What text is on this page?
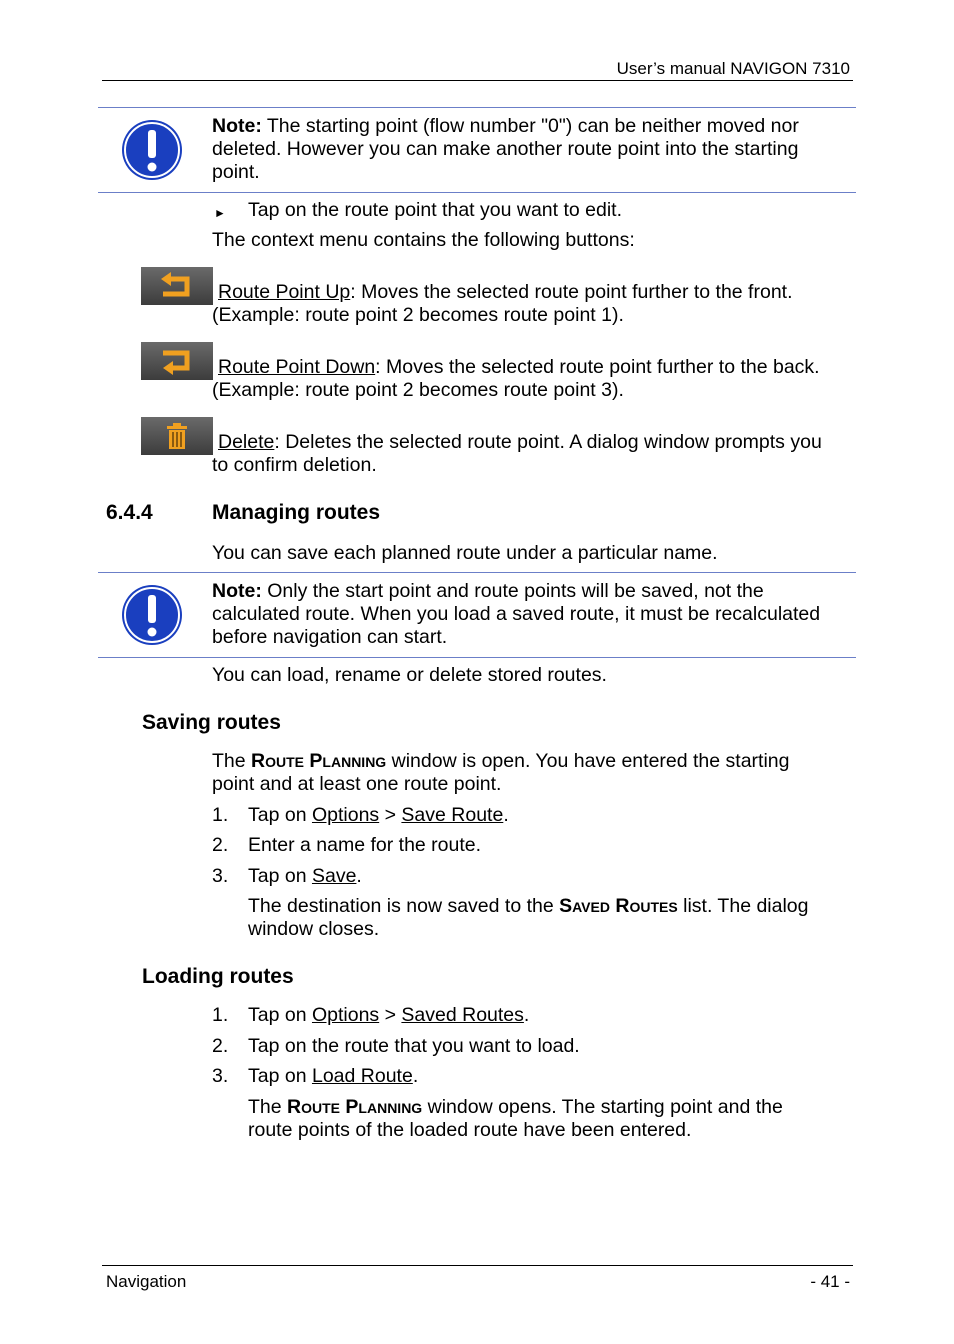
User’s manual NAVIGON 7310
Note: The starting point (flow number "0") can be neither moved nor
deleted. However you can make another route point into the starting
point.
► Tap on the route point that you want to edit.
The context menu contains the following buttons:
Route Point Up: Moves the selected route point further to the front.
(Example: route point 2 becomes route point 1).
Route Point Down: Moves the selected route point further to the back.
(Example: route point 2 becomes route point 3).
Delete: Deletes the selected route point. A dialog window prompts you
to confirm deletion.
6.4.4	Managing routes
You can save each planned route under a particular name.
Note: Only the start point and route points will be saved, not the
calculated route. When you load a saved route, it must be recalculated
before navigation can start.
You can load, rename or delete stored routes.
Saving routes
The Route Planning window is open. You have entered the starting
point and at least one route point.
1. Tap on Options > Save Route.
2. Enter a name for the route.
3. Tap on Save.
The destination is now saved to the Saved Routes list. The dialog
window closes.
Loading routes
1. Tap on Options > Saved Routes.
2. Tap on the route that you want to load.
3. Tap on Load Route.
The Route Planning window opens. The starting point and the
route points of the loaded route have been entered.
Navigation	- 41 -
